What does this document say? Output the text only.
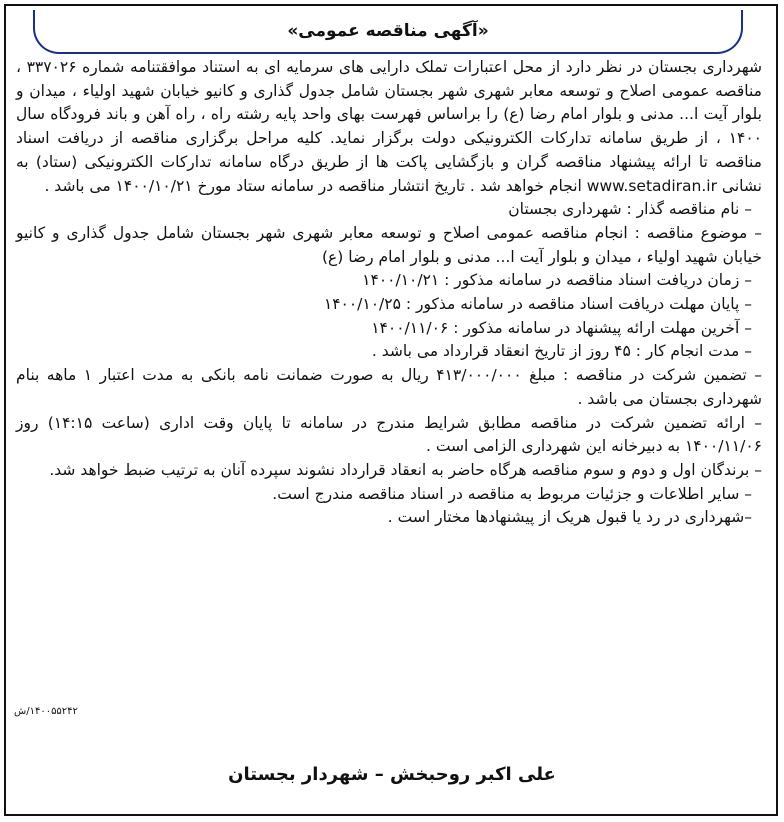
«آگهی مناقصه عمومی»

شهرداری بجستان در نظر دارد از محل اعتبارات تملک دارایی های سرمایه ای به استناد موافقتنامه شماره ۳۳۷۰۲۶ ، مناقصه عمومی اصلاح و توسعه معابر شهری شهر بجستان شامل جدول گذاری و کانیو خیابان شهید اولیاء ، میدان و بلوار آیت ا... مدنی و بلوار امام رضا (ع) را براساس فهرست بهای واحد پایه رشته راه ، راه آهن و باند فرودگاه سال ۱۴۰۰ ، از طریق سامانه تدارکات الکترونیکی دولت برگزار نماید. کلیه مراحل برگزاری مناقصه از دریافت اسناد مناقصه تا ارائه پیشنهاد مناقصه گران و بازگشایی پاکت ها از طریق درگاه سامانه تدارکات الکترونیکی (ستاد) به نشانی www.setadiran.ir انجام خواهد شد . تاریخ انتشار مناقصه در سامانه ستاد مورخ ۱۴۰۰/۱۰/۲۱ می باشد .

– نام مناقصه گذار : شهرداری بجستان

– موضوع مناقصه : انجام مناقصه عمومی اصلاح و توسعه معابر شهری شهر بجستان شامل جدول گذاری و کانیو خیابان شهید اولیاء ، میدان و بلوار آیت ا... مدنی و بلوار امام رضا (ع)

– زمان دریافت اسناد مناقصه در سامانه مذکور : ۱۴۰۰/۱۰/۲۱

– پایان مهلت دریافت اسناد مناقصه در سامانه مذکور : ۱۴۰۰/۱۰/۲۵

– آخرین مهلت ارائه پیشنهاد در سامانه مذکور : ۱۴۰۰/۱۱/۰۶

– مدت انجام کار : ۴۵ روز از تاریخ انعقاد قرارداد می باشد .

– تضمین شرکت در مناقصه : مبلغ ۴۱۳/۰۰۰/۰۰۰ ریال به صورت ضمانت نامه بانکی به مدت اعتبار ۱ ماهه بنام شهرداری بجستان می باشد .

– ارائه تضمین شرکت در مناقصه مطابق شرایط مندرج در سامانه تا پایان وقت اداری (ساعت ۱۴:۱۵) روز ۱۴۰۰/۱۱/۰۶ به دبیرخانه این شهرداری الزامی است .

– برندگان اول و دوم و سوم مناقصه هرگاه حاضر به انعقاد قرارداد نشوند سپرده آنان به ترتیب ضبط خواهد شد.

– سایر اطلاعات و جزئیات مربوط به مناقصه در اسناد مناقصه مندرج است.

–شهرداری در رد یا قبول هریک از پیشنهادها مختار است .

۱۴۰۰۵۵۲۴۲/ش
علی اکبر روحبخش – شهردار بجستان
